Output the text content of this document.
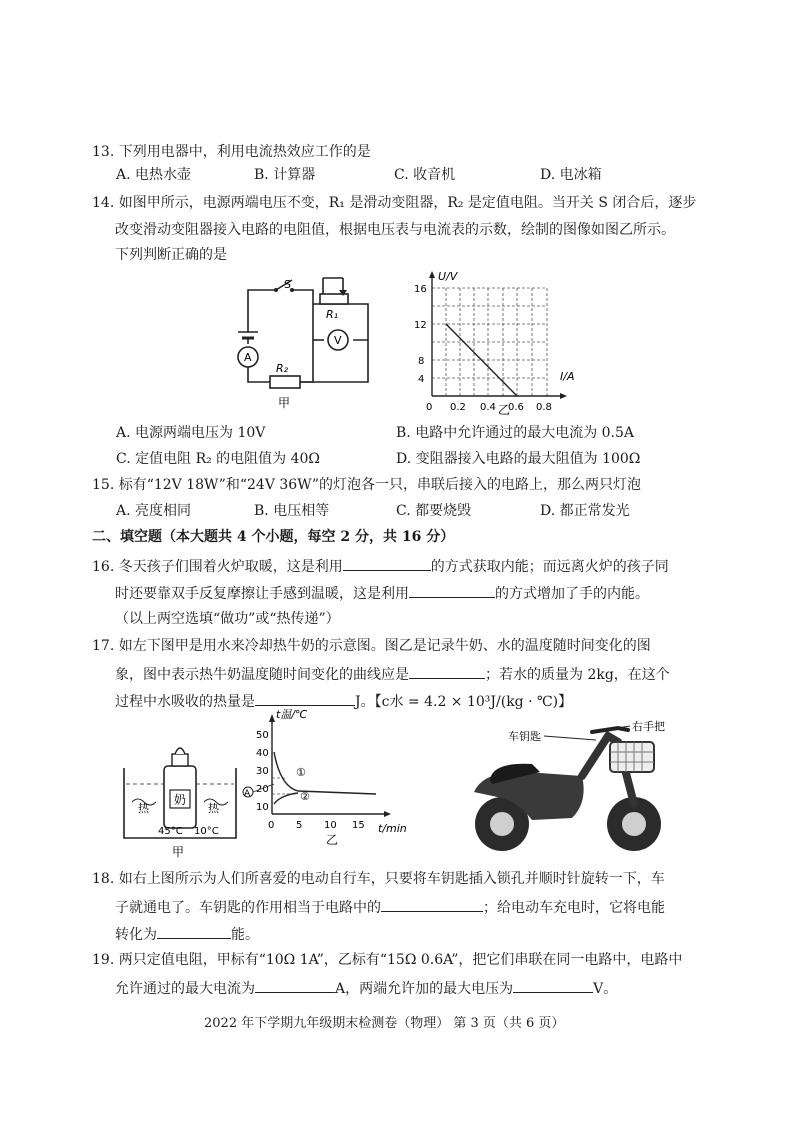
13. 下列用电器中，利用电流热效应工作的是
A. 电热水壶	B. 计算器	C. 收音机	D. 电冰箱
14. 如图甲所示，电源两端电压不变，R₁ 是滑动变阻器，R₂ 是定值电阻。当开关 S 闭合后，逐步
改变滑动变阻器接入电路的电阻值，根据电压表与电流表的示数，绘制的图像如图乙所示。
下列判断正确的是
S
R₁
R₂
V
A
甲
U/V
I/A
16
12
8
4
0 0.2 0.4 0.6 0.8
乙
A. 电源两端电压为 10V	B. 电路中允许通过的最大电流为 0.5A
C. 定值电阻 R₂ 的电阻值为 40Ω	D. 变阻器接入电路的最大阻值为 100Ω
15. 标有“12V 18W”和“24V 36W”的灯泡各一只，串联后接入的电路上，那么两只灯泡
A. 亮度相同	B. 电压相等	C. 都要烧毁	D. 都正常发光
二、填空题（本大题共 4 个小题，每空 2 分，共 16 分）
16. 冬天孩子们围着火炉取暖，这是利用	的方式获取内能；而远离火炉的孩子同
时还要靠双手反复摩擦让手感到温暖，这是利用	的方式增加了手的内能。
（以上两空选填“做功”或“热传递”）
17. 如左下图甲是用水来冷却热牛奶的示意图。图乙是记录牛奶、水的温度随时间变化的图
象，图中表示热牛奶温度随时间变化的曲线应是	；若水的质量为 2kg，在这个
过程中水吸收的热量是	J。【c水 = 4.2 × 10³J/(kg · ℃)】
奶
热	热
45°C 10°C
甲
t温/℃
t/min
50
40
30
20
10
0 5 10 15
①
②
A
乙
车钥匙
右手把
18. 如右上图所示为人们所喜爱的电动自行车，只要将车钥匙插入锁孔并顺时针旋转一下，车
子就通电了。车钥匙的作用相当于电路中的	；给电动车充电时，它将电能
转化为	能。
19. 两只定值电阻，甲标有“10Ω 1A”，乙标有“15Ω 0.6A”，把它们串联在同一电路中，电路中
允许通过的最大电流为	A，两端允许加的最大电压为	V。
2022 年下学期九年级期末检测卷（物理） 第 3 页（共 6 页）
